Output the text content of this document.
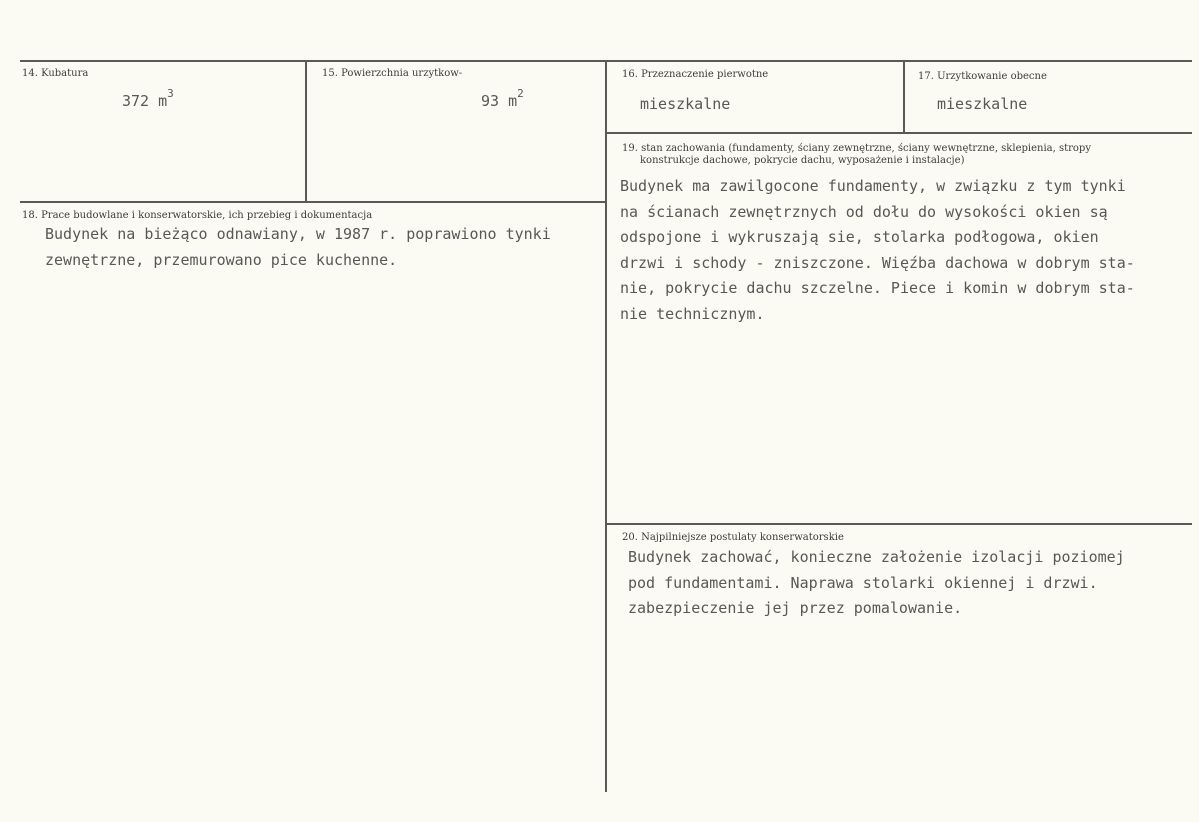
14. Kubatura
372 $m^3$
15. Powierzchnia urzytkow-
93 $m^2$
16. Przeznaczenie pierwotne
mieszkalne
17. Urzytkowanie obecne
mieszkalne
18. Prace budowlane i konserwatorskie, ich przebieg i dokumentacja
Budynek na bieżąco odnawiany, w 1987 r. poprawiono tynki
zewnętrzne, przemurowano pice kuchenne.
19. stan zachowania (fundamenty, ściany zewnętrzne, ściany wewnętrzne, sklepienia, stropy
konstrukcje dachowe, pokrycie dachu, wyposażenie i instalacje)
Budynek ma zawilgocone fundamenty, w związku z tym tynki
na ścianach zewnętrznych od dołu do wysokości okien są
odspojone i wykruszają sie, stolarka podłogowa, okien
drzwi i schody - zniszczone. Więźba dachowa w dobrym sta-
nie, pokrycie dachu szczelne. Piece i komin w dobrym sta-
nie technicznym.
20. Najpilniejsze postulaty konserwatorskie
Budynek zachować, konieczne założenie izolacji poziomej
pod fundamentami. Naprawa stolarki okiennej i drzwi.
zabezpieczenie jej przez pomalowanie.
